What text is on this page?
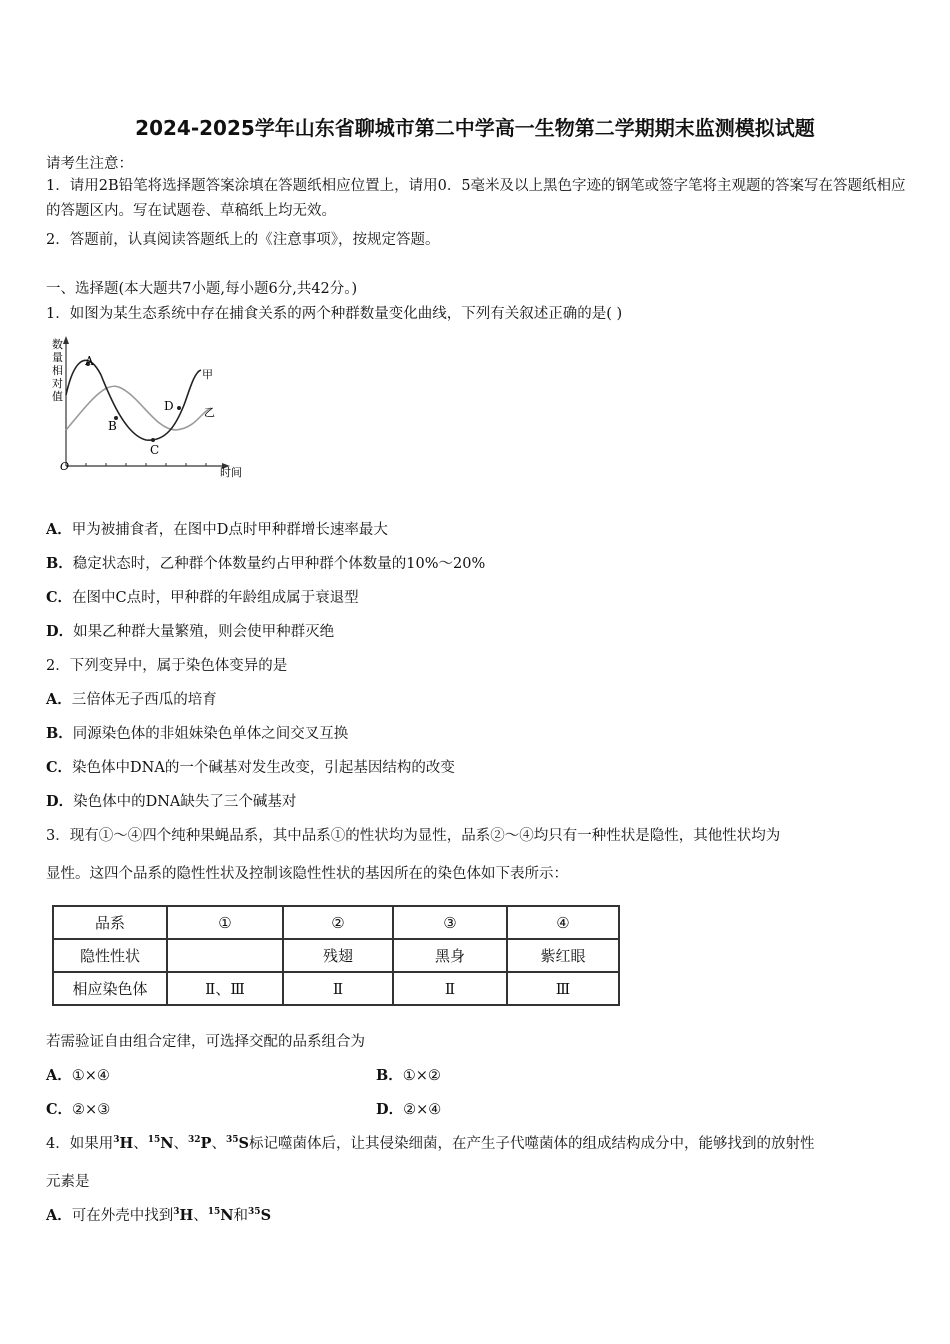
2024-2025学年山东省聊城市第二中学高一生物第二学期期末监测模拟试题
请考生注意：
1．请用2B铅笔将选择题答案涂填在答题纸相应位置上，请用0．5毫米及以上黑色字迹的钢笔或签字笔将主观题的答案写在答题纸相应的答题区内。写在试题卷、草稿纸上均无效。
2．答题前，认真阅读答题纸上的《注意事项》，按规定答题。
一、选择题(本大题共7小题,每小题6分,共42分。)
1．如图为某生态系统中存在捕食关系的两个种群数量变化曲线，下列有关叙述正确的是( )
数
量
相
对
值
O	时间
A
B
C
D
甲
乙
A．甲为被捕食者，在图中D点时甲种群增长速率最大
B．稳定状态时，乙种群个体数量约占甲种群个体数量的10%～20%
C．在图中C点时，甲种群的年龄组成属于衰退型
D．如果乙种群大量繁殖，则会使甲种群灭绝
2．下列变异中，属于染色体变异的是
A．三倍体无子西瓜的培育
B．同源染色体的非姐妹染色单体之间交叉互换
C．染色体中DNA的一个碱基对发生改变，引起基因结构的改变
D．染色体中的DNA缺失了三个碱基对
3．现有①～④四个纯种果蝇品系，其中品系①的性状均为显性，品系②～④均只有一种性状是隐性，其他性状均为
显性。这四个品系的隐性性状及控制该隐性性状的基因所在的染色体如下表所示：
品系	①	②	③	④
隐性性状		残翅	黑身	紫红眼
相应染色体	Ⅱ、Ⅲ	Ⅱ	Ⅱ	Ⅲ
若需验证自由组合定律，可选择交配的品系组合为
A．①×④	B．①×②
C．②×③	D．②×④
4．如果用$^3$H、$^{15}$N、$^{32}$P、$^{35}$S标记噬菌体后，让其侵染细菌，在产生子代噬菌体的组成结构成分中，能够找到的放射性
元素是
A．可在外壳中找到$^3$H、$^{15}$N和$^{35}$S
